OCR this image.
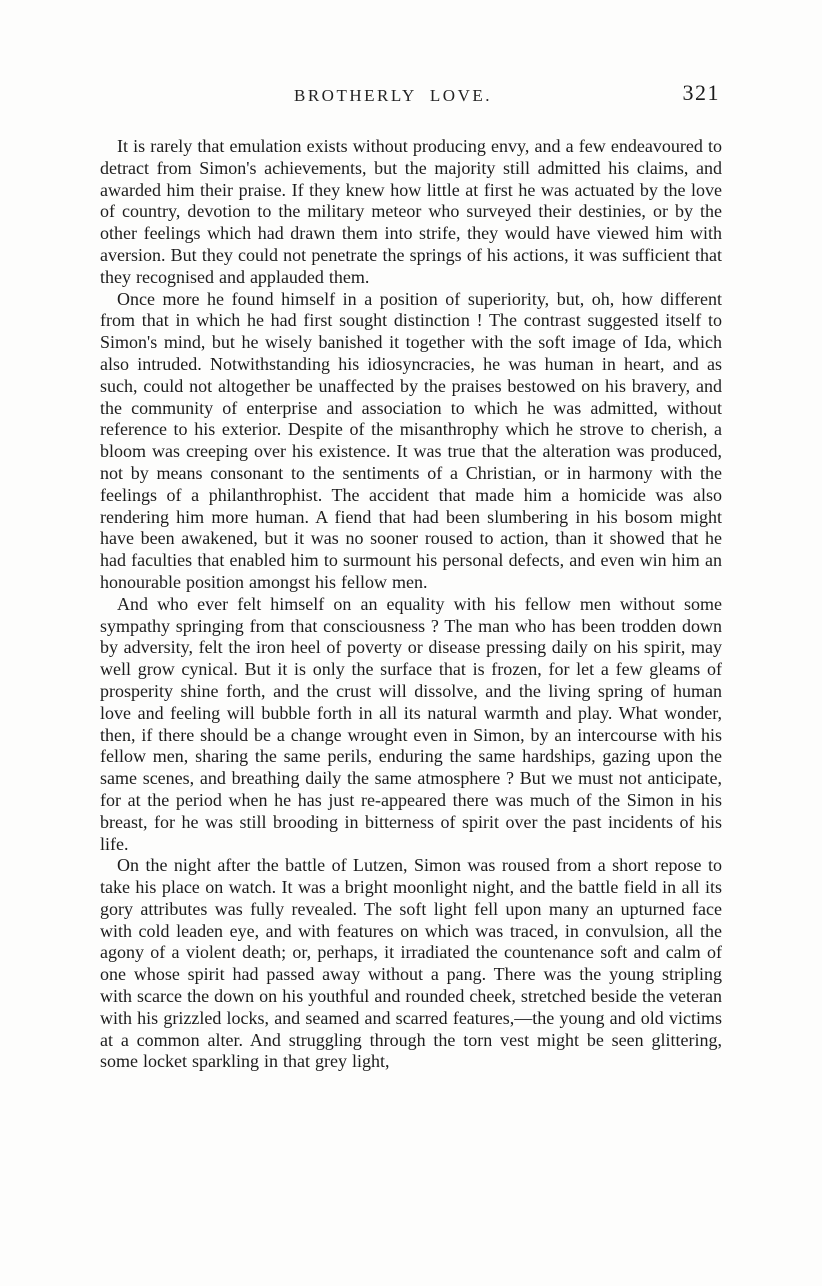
BROTHERLY LOVE.	321

It is rarely that emulation exists without producing envy, and a few endeavoured to detract from Simon's achievements, but the majority still admitted his claims, and awarded him their praise. If they knew how little at first he was actuated by the love of country, devotion to the military meteor who surveyed their destinies, or by the other feelings which had drawn them into strife, they would have viewed him with aversion. But they could not penetrate the springs of his actions, it was sufficient that they recognised and applauded them.

Once more he found himself in a position of superiority, but, oh, how different from that in which he had first sought distinction ! The contrast suggested itself to Simon's mind, but he wisely banished it together with the soft image of Ida, which also intruded. Notwithstanding his idiosyncracies, he was human in heart, and as such, could not altogether be unaffected by the praises bestowed on his bravery, and the community of enterprise and association to which he was admitted, without reference to his exterior. Despite of the misanthrophy which he strove to cherish, a bloom was creeping over his existence. It was true that the alteration was produced, not by means consonant to the sentiments of a Christian, or in harmony with the feelings of a philanthrophist. The accident that made him a homicide was also rendering him more human. A fiend that had been slumbering in his bosom might have been awakened, but it was no sooner roused to action, than it showed that he had faculties that enabled him to surmount his personal defects, and even win him an honourable position amongst his fellow men.

And who ever felt himself on an equality with his fellow men without some sympathy springing from that consciousness ? The man who has been trodden down by adversity, felt the iron heel of poverty or disease pressing daily on his spirit, may well grow cynical. But it is only the surface that is frozen, for let a few gleams of prosperity shine forth, and the crust will dissolve, and the living spring of human love and feeling will bubble forth in all its natural warmth and play. What wonder, then, if there should be a change wrought even in Simon, by an intercourse with his fellow men, sharing the same perils, enduring the same hardships, gazing upon the same scenes, and breathing daily the same atmosphere ? But we must not anticipate, for at the period when he has just re-appeared there was much of the Simon in his breast, for he was still brooding in bitterness of spirit over the past incidents of his life.

On the night after the battle of Lutzen, Simon was roused from a short repose to take his place on watch. It was a bright moonlight night, and the battle field in all its gory attributes was fully revealed. The soft light fell upon many an upturned face with cold leaden eye, and with features on which was traced, in convulsion, all the agony of a violent death; or, perhaps, it irradiated the countenance soft and calm of one whose spirit had passed away without a pang. There was the young stripling with scarce the down on his youthful and rounded cheek, stretched beside the veteran with his grizzled locks, and seamed and scarred features,—the young and old victims at a common alter. And struggling through the torn vest might be seen glittering, some locket sparkling in that grey light,
